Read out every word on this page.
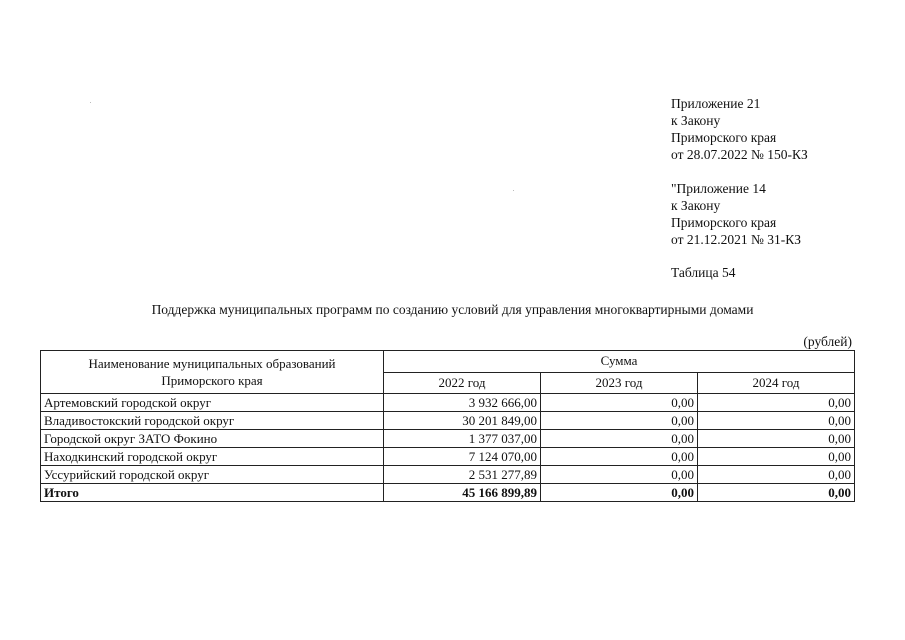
Приложение 21
к Закону
Приморского края
от 28.07.2022 № 150-КЗ
"Приложение 14
к Закону
Приморского края
от 21.12.2021 № 31-КЗ
Таблица 54
Поддержка муниципальных программ по созданию условий для управления многоквартирными домами
(рублей)
Наименование муниципальных образований
Приморского края	Сумма		
	2022 год	2023 год	2024 год
Артемовский городской округ	3 932 666,00	0,00	0,00
Владивостокский городской округ	30 201 849,00	0,00	0,00
Городской округ ЗАТО Фокино	1 377 037,00	0,00	0,00
Находкинский городской округ	7 124 070,00	0,00	0,00
Уссурийский городской округ	2 531 277,89	0,00	0,00
Итого	45 166 899,89	0,00	0,00
